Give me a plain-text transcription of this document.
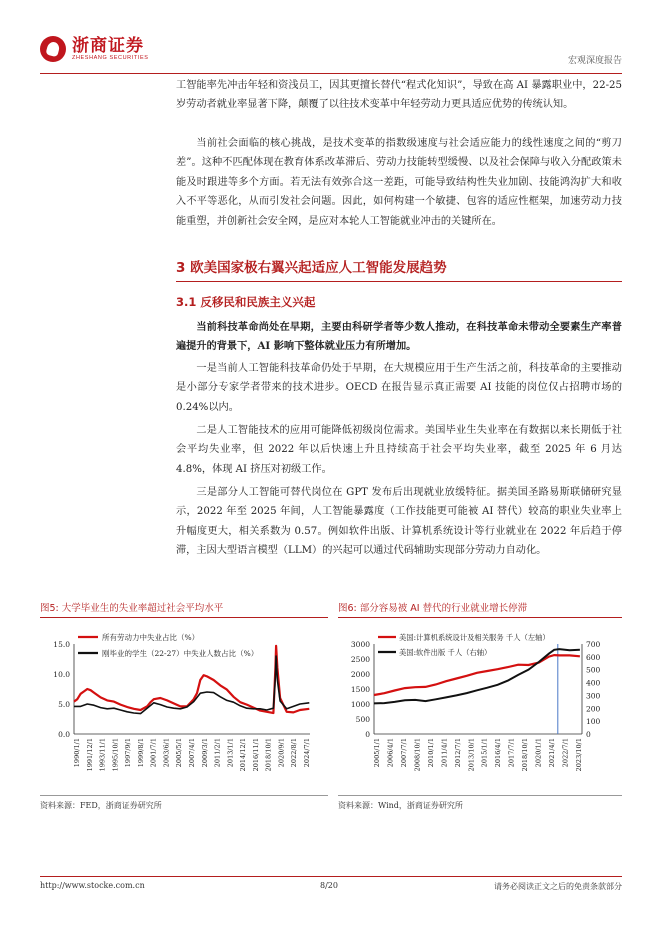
浙商证券
ZHESHANG SECURITIES	宏观深度报告
工智能率先冲击年轻和资浅员工，因其更擅长替代“程式化知识”，导致在高 AI 暴露职业中，22-25 岁劳动者就业率显著下降，颠覆了以往技术变革中年轻劳动力更具适应优势的传统认知。
当前社会面临的核心挑战，是技术变革的指数级速度与社会适应能力的线性速度之间的“剪刀差”。这种不匹配体现在教育体系改革滞后、劳动力技能转型缓慢、以及社会保障与收入分配政策未能及时跟进等多个方面。若无法有效弥合这一差距，可能导致结构性失业加剧、技能鸿沟扩大和收入不平等恶化，从而引发社会问题。因此，如何构建一个敏捷、包容的适应性框架，加速劳动力技能重塑，并创新社会安全网，是应对本轮人工智能就业冲击的关键所在。
3 欧美国家极右翼兴起适应人工智能发展趋势
3.1 反移民和民族主义兴起
当前科技革命尚处在早期，主要由科研学者等少数人推动，在科技革命未带动全要素生产率普遍提升的背景下，AI 影响下整体就业压力有所增加。
一是当前人工智能科技革命仍处于早期，在大规模应用于生产生活之前，科技革命的主要推动是小部分专家学者带来的技术进步。OECD 在报告显示真正需要 AI 技能的岗位仅占招聘市场的 0.24%以内。
二是人工智能技术的应用可能降低初级岗位需求。美国毕业生失业率在有数据以来长期低于社会平均失业率，但 2022 年以后快速上升且持续高于社会平均失业率，截至 2025 年 6 月达 4.8%，体现 AI 挤压对初级工作。
三是部分人工智能可替代岗位在 GPT 发布后出现就业放缓特征。据美国圣路易斯联储研究显示，2022 年至 2025 年间，人工智能暴露度（工作技能更可能被 AI 替代）较高的职业失业率上升幅度更大，相关系数为 0.57。例如软件出版、计算机系统设计等行业就业在 2022 年后趋于停滞，主因大型语言模型（LLM）的兴起可以通过代码辅助实现部分劳动力自动化。
图5: 大学毕业生的失业率超过社会平均水平
15.0
10.0
5.0
0.0
1990/1/1 1991/12/1 1993/11/1 1995/10/1 1997/9/1 1999/8/1 2001/7/1 2003/6/1 2005/5/1 2007/4/1 2009/3/1 2011/2/1 2013/1/1 2014/12/1 2016/11/1 2018/10/1 2020/9/1 2022/8/1 2024/7/1
所有劳动力中失业占比（%）
刚毕业的学生（22-27）中失业人数占比（%）
资料来源：FED，浙商证券研究所
图6: 部分容易被 AI 替代的行业就业增长停滞
3000
2500
2000
1500
1000
500
0
700
600
500
400
300
200
100
0
2005/1/1 2006/4/1 2007/7/1 2008/10/1 2010/1/1 2011/4/1 2012/7/1 2013/10/1 2015/1/1 2016/4/1 2017/7/1 2018/10/1 2020/1/1 2021/4/1 2022/7/1 2023/10/1
美国:计算机系统设计及相关服务 千人（左轴）
美国:软件出版 千人（右轴）
资料来源：Wind，浙商证券研究所
http://www.stocke.com.cn	8/20	请务必阅读正文之后的免责条款部分
